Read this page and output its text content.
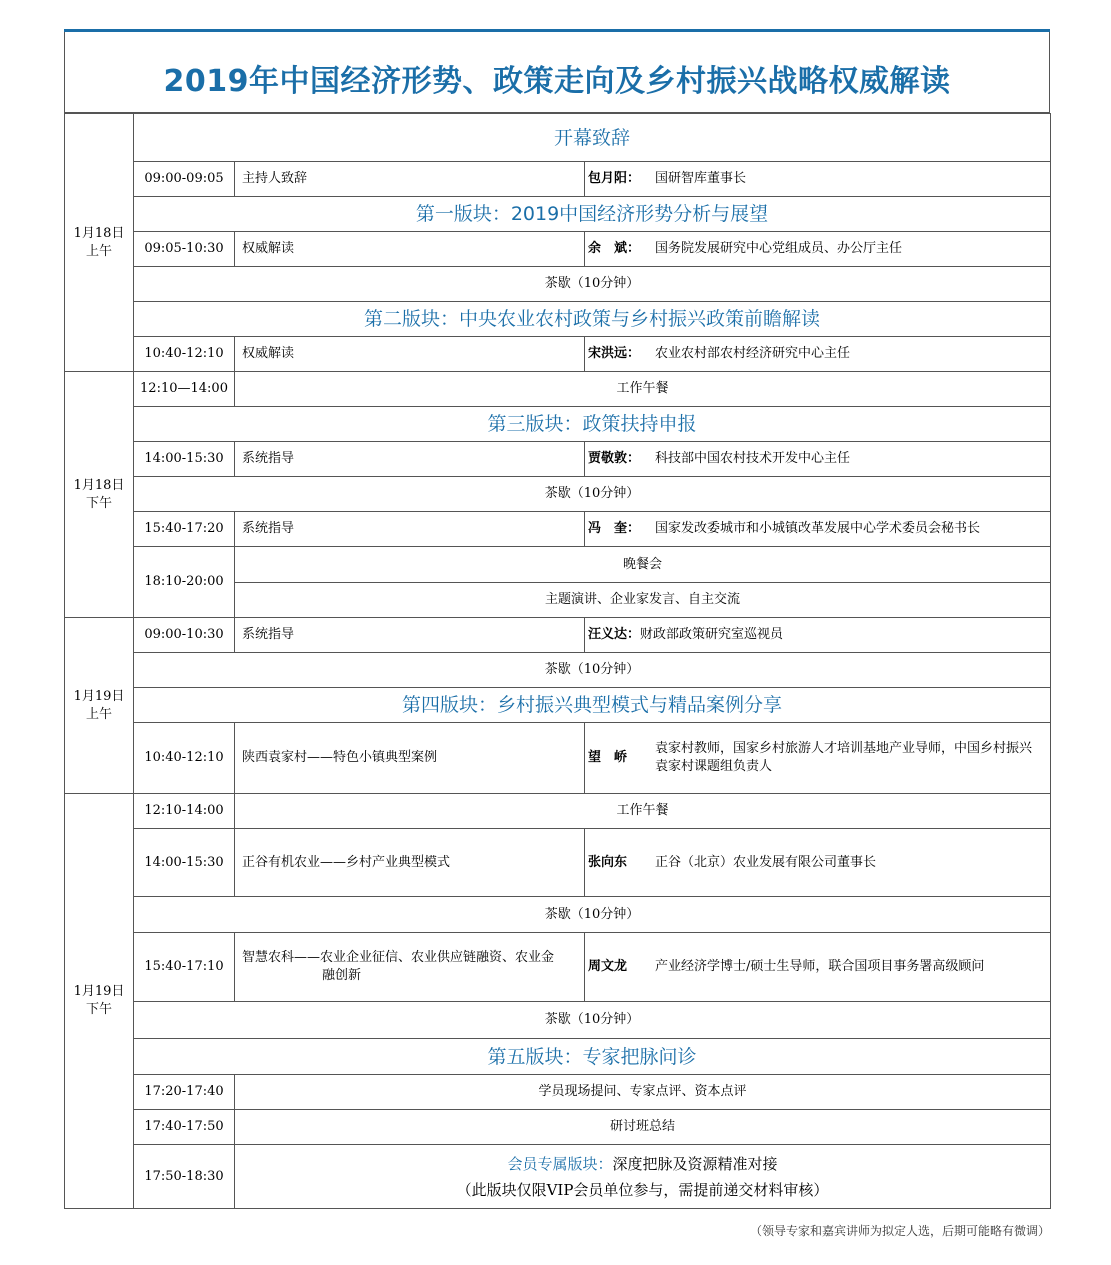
2019年中国经济形势、政策走向及乡村振兴战略权威解读
1月18日
上午	开幕致辞		
	09:00-09:05	主持人致辞	包月阳： 国研智库董事长
	第一版块：2019中国经济形势分析与展望		
	09:05-10:30	权威解读	余　斌： 国务院发展研究中心党组成员、办公厅主任
	茶歇（10分钟）		
	第二版块：中央农业农村政策与乡村振兴政策前瞻解读		
	10:40-12:10	权威解读	宋洪远： 农业农村部农村经济研究中心主任

1月18日
下午	12:10—14:00	工作午餐	
	第三版块：政策扶持申报		
	14:00-15:30	系统指导	贾敬敦： 科技部中国农村技术开发中心主任
	茶歇（10分钟）		
	15:40-17:20	系统指导	冯　奎： 国家发改委城市和小城镇改革发展中心学术委员会秘书长
	18:10-20:00	晚餐会	
		主题演讲、企业家发言、自主交流	

1月19日
上午	09:00-10:30	系统指导	汪义达：财政部政策研究室巡视员
	茶歇（10分钟）		
	第四版块：乡村振兴典型模式与精品案例分享		
	10:40-12:10	陕西袁家村——特色小镇典型案例	望　峤
袁家村教师，国家乡村旅游人才培训基地产业导师，中国乡村振兴袁家村课题组负责人

1月19日
下午	12:10-14:00	工作午餐	
	14:00-15:30	正谷有机农业——乡村产业典型模式	张向东 正谷（北京）农业发展有限公司董事长
	茶歇（10分钟）		
	15:40-17:10	智慧农科——农业企业征信、农业供应链融资、农业金
融创新	周文龙 产业经济学博士/硕士生导师，联合国项目事务署高级顾问
	茶歇（10分钟）		
	第五版块：专家把脉问诊		
	17:20-17:40	学员现场提问、专家点评、资本点评	
	17:40-17:50	研讨班总结	
	17:50-18:30	会员专属版块：深度把脉及资源精准对接
（此版块仅限VIP会员单位参与，需提前递交材料审核）	
（领导专家和嘉宾讲师为拟定人选，后期可能略有微调）
